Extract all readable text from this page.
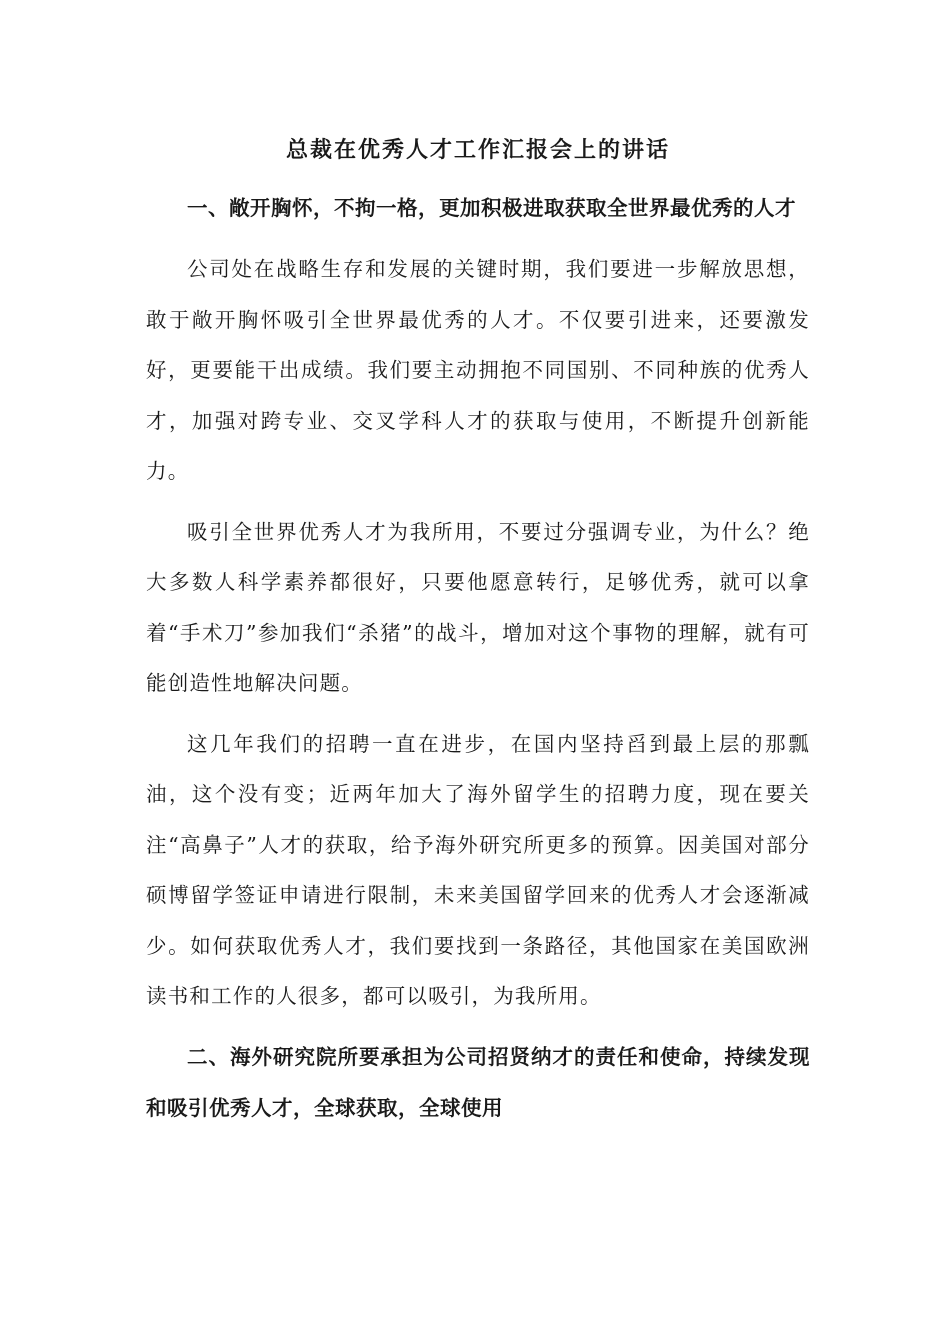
总裁在优秀人才工作汇报会上的讲话
一、敞开胸怀，不拘一格，更加积极进取获取全世界最优秀的人才

公司处在战略生存和发展的关键时期，我们要进一步解放思想，敢于敞开胸怀吸引全世界最优秀的人才。不仅要引进来，还要激发好，更要能干出成绩。我们要主动拥抱不同国别、不同种族的优秀人才，加强对跨专业、交叉学科人才的获取与使用，不断提升创新能力。

吸引全世界优秀人才为我所用，不要过分强调专业，为什么？绝大多数人科学素养都很好，只要他愿意转行，足够优秀，就可以拿着“手术刀”参加我们“杀猪”的战斗，增加对这个事物的理解，就有可能创造性地解决问题。

这几年我们的招聘一直在进步，在国内坚持舀到最上层的那瓢油，这个没有变；近两年加大了海外留学生的招聘力度，现在要关注“高鼻子”人才的获取，给予海外研究所更多的预算。因美国对部分硕博留学签证申请进行限制，未来美国留学回来的优秀人才会逐渐减少。如何获取优秀人才，我们要找到一条路径，其他国家在美国欧洲读书和工作的人很多，都可以吸引，为我所用。

二、海外研究院所要承担为公司招贤纳才的责任和使命，持续发现和吸引优秀人才，全球获取，全球使用
